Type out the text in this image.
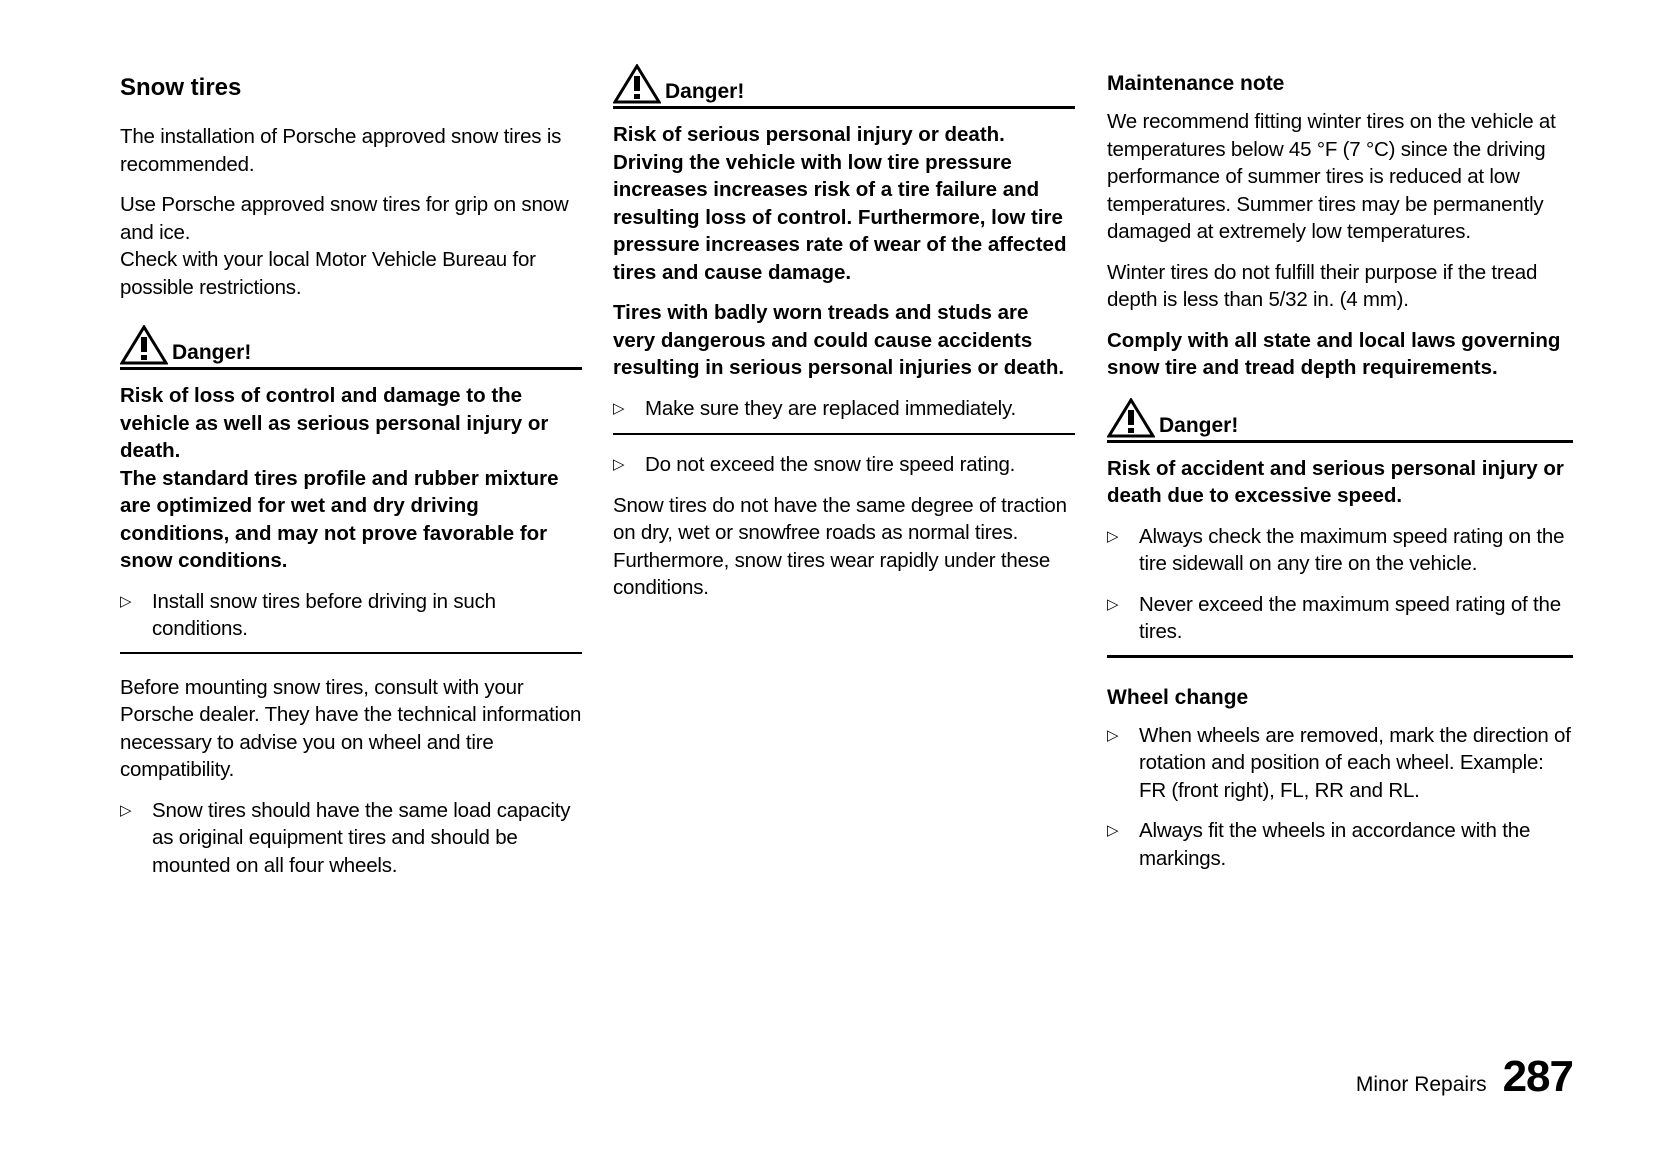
Snow tires

The installation of Porsche approved snow tires is recommended.

Use Porsche approved snow tires for grip on snow and ice.

Check with your local Motor Vehicle Bureau for possible restrictions.

Danger!

Risk of loss of control and damage to the vehicle as well as serious personal injury or death.

The standard tires profile and rubber mixture are optimized for wet and dry driving conditions, and may not prove favorable for snow conditions.

▷	Install snow tires before driving in such conditions.

Before mounting snow tires, consult with your Porsche dealer. They have the technical information necessary to advise you on wheel and tire compatibility.

▷	Snow tires should have the same load capacity as original equipment tires and should be mounted on all four wheels.
Danger!

Risk of serious personal injury or death. Driving the vehicle with low tire pressure increases increases risk of a tire failure and resulting loss of control. Furthermore, low tire pressure increases rate of wear of the affected tires and cause damage.

Tires with badly worn treads and studs are very dangerous and could cause accidents resulting in serious personal injuries or death.

▷	Make sure they are replaced immediately.
▷	Do not exceed the snow tire speed rating.

Snow tires do not have the same degree of traction on dry, wet or snowfree roads as normal tires.

Furthermore, snow tires wear rapidly under these conditions.

Maintenance note

We recommend fitting winter tires on the vehicle at temperatures below 45 °F (7 °C) since the driving performance of summer tires is reduced at low temperatures. Summer tires may be permanently damaged at extremely low temperatures.

Winter tires do not fulfill their purpose if the tread depth is less than 5/32 in. (4 mm).

Comply with all state and local laws governing snow tire and tread depth requirements.

Danger!

Risk of accident and serious personal injury or death due to excessive speed.

▷	Always check the maximum speed rating on the tire sidewall on any tire on the vehicle.
▷	Never exceed the maximum speed rating of the tires.
Wheel change
▷	When wheels are removed, mark the direction of rotation and position of each wheel. Example: FR (front right), FL, RR and RL.
▷	Always fit the wheels in accordance with the markings.
Minor Repairs 287
